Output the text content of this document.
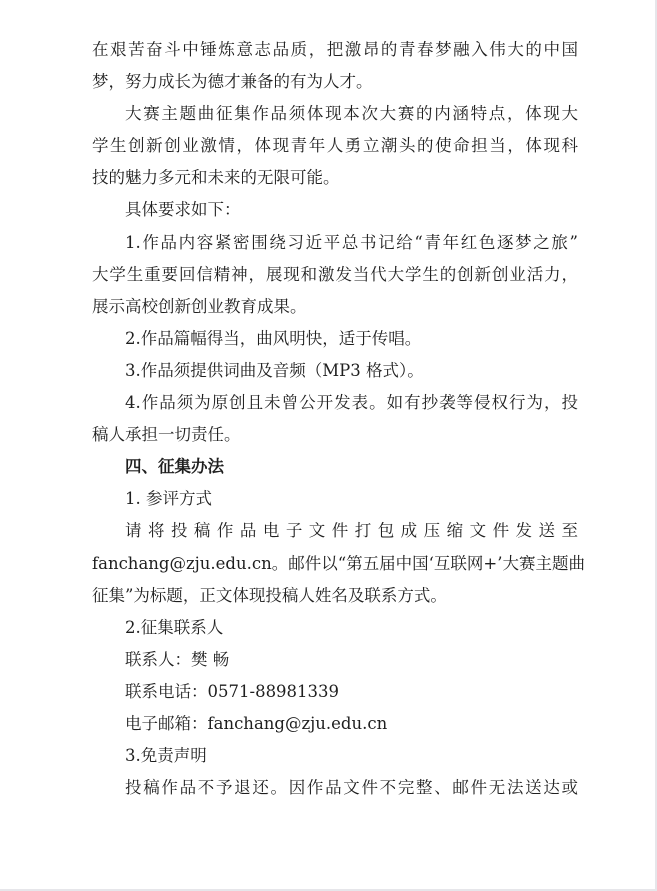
在艰苦奋斗中锤炼意志品质，把激昂的青春梦融入伟大的中国
梦，努力成长为德才兼备的有为人才。
大赛主题曲征集作品须体现本次大赛的内涵特点，体现大
学生创新创业激情，体现青年人勇立潮头的使命担当，体现科
技的魅力多元和未来的无限可能。
具体要求如下：
1.作品内容紧密围绕习近平总书记给“青年红色逐梦之旅”
大学生重要回信精神，展现和激发当代大学生的创新创业活力，
展示高校创新创业教育成果。
2.作品篇幅得当，曲风明快，适于传唱。
3.作品须提供词曲及音频（MP3 格式）。
4.作品须为原创且未曾公开发表。如有抄袭等侵权行为，投
稿人承担一切责任。
四、征集办法
1. 参评方式
请将投稿作品电子文件打包成压缩文件发送至
fanchang@zju.edu.cn。邮件以“第五届中国‘互联网+’大赛主题曲
征集”为标题，正文体现投稿人姓名及联系方式。
2.征集联系人
联系人：樊 畅
联系电话：0571-88981339
电子邮箱：fanchang@zju.edu.cn
3.免责声明
投稿作品不予退还。因作品文件不完整、邮件无法送达或
